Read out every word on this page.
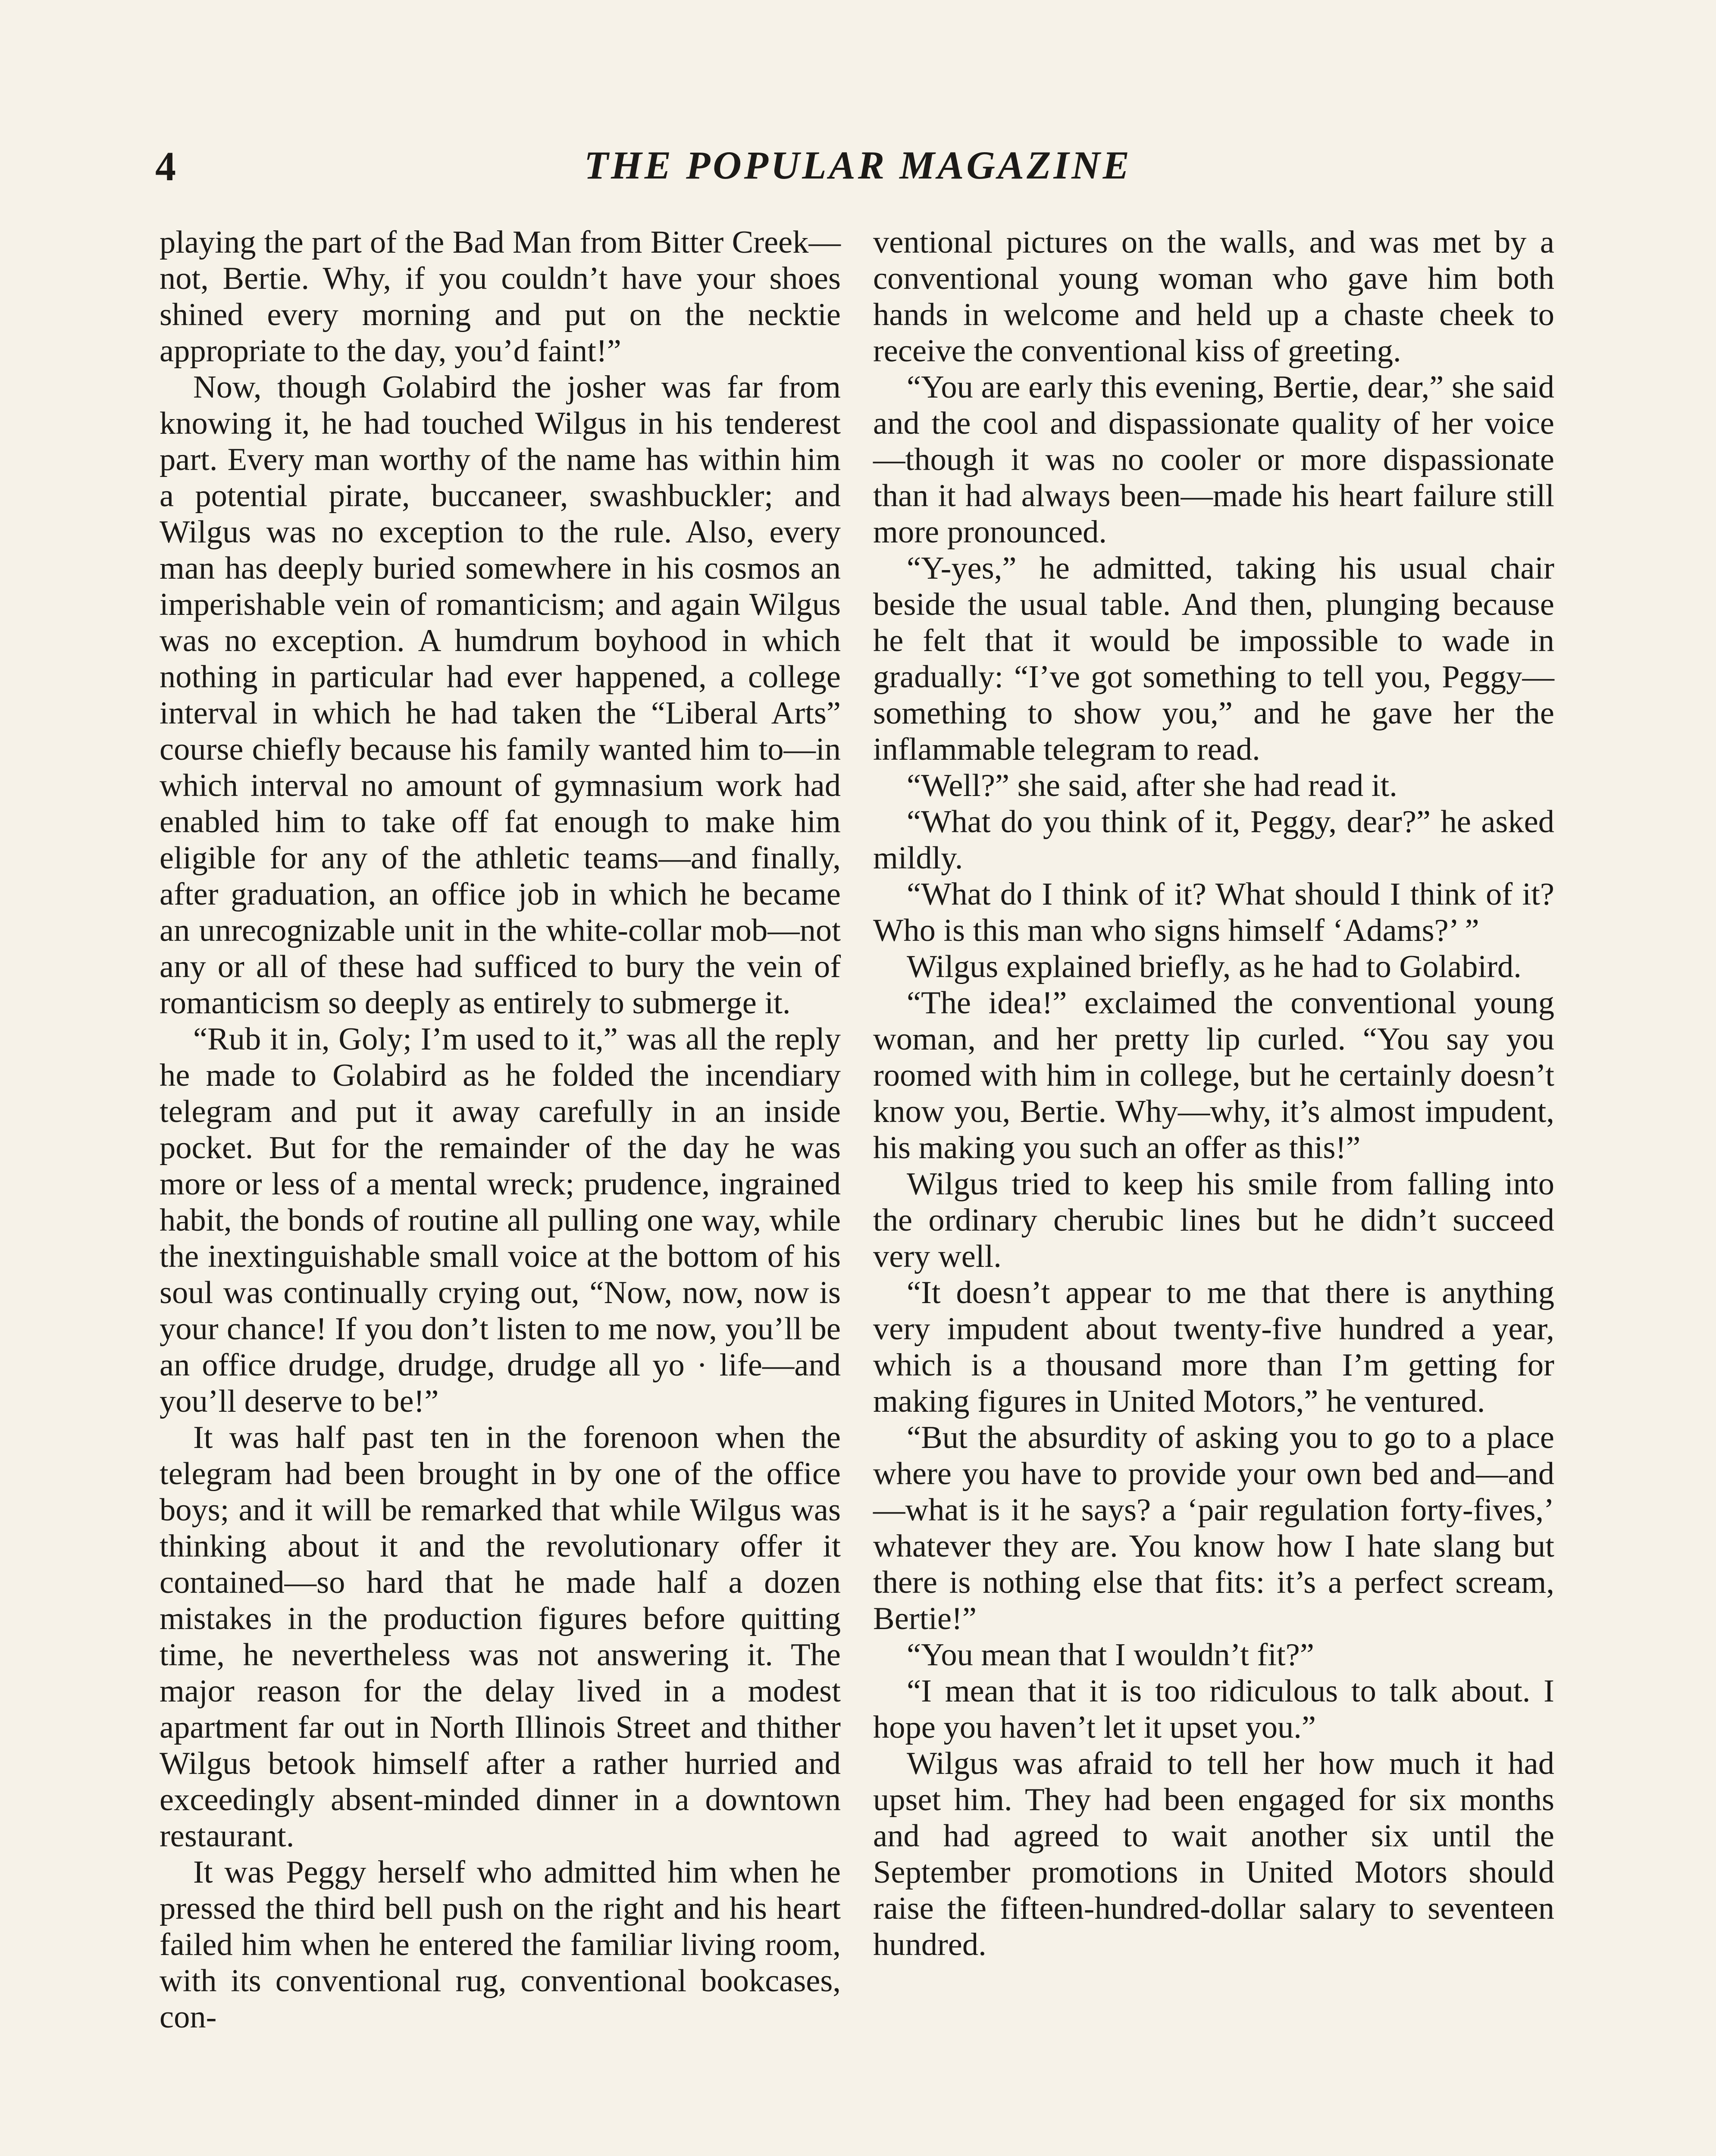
4	THE POPULAR MAGAZINE

playing the part of the Bad Man from Bitter Creek—not, Bertie. Why, if you couldn’t have your shoes shined every morning and put on the necktie appropriate to the day, you’d faint!”

Now, though Golabird the josher was far from knowing it, he had touched Wilgus in his tenderest part. Every man worthy of the name has within him a potential pirate, buccaneer, swashbuckler; and Wilgus was no exception to the rule. Also, every man has deeply buried somewhere in his cosmos an imperishable vein of romanticism; and again Wilgus was no exception. A humdrum boyhood in which nothing in particular had ever happened, a college interval in which he had taken the “Liberal Arts” course chiefly because his family wanted him to—in which interval no amount of gymnasium work had enabled him to take off fat enough to make him eligible for any of the athletic teams—and finally, after graduation, an office job in which he became an unrecognizable unit in the white-collar mob—not any or all of these had sufficed to bury the vein of romanticism so deeply as entirely to submerge it.

“Rub it in, Goly; I’m used to it,” was all the reply he made to Golabird as he folded the incendiary telegram and put it away carefully in an inside pocket. But for the remainder of the day he was more or less of a mental wreck; prudence, ingrained habit, the bonds of routine all pulling one way, while the inextinguishable small voice at the bottom of his soul was continually crying out, “Now, now, now is your chance! If you don’t listen to me now, you’ll be an office drudge, drudge, drudge all yo · life—and you’ll deserve to be!”

It was half past ten in the forenoon when the telegram had been brought in by one of the office boys; and it will be remarked that while Wilgus was thinking about it and the revolutionary offer it contained—so hard that he made half a dozen mistakes in the production figures before quitting time, he nevertheless was not answering it. The major reason for the delay lived in a modest apartment far out in North Illinois Street and thither Wilgus betook himself after a rather hurried and exceedingly absent-minded dinner in a downtown restaurant.

It was Peggy herself who admitted him when he pressed the third bell push on the right and his heart failed him when he entered the familiar living room, with its conventional rug, conventional bookcases, con-

ventional pictures on the walls, and was met by a conventional young woman who gave him both hands in welcome and held up a chaste cheek to receive the conventional kiss of greeting.

“You are early this evening, Bertie, dear,” she said and the cool and dispassionate quality of her voice—though it was no cooler or more dispassionate than it had always been—made his heart failure still more pronounced.

“Y-yes,” he admitted, taking his usual chair beside the usual table. And then, plunging because he felt that it would be impossible to wade in gradually: “I’ve got something to tell you, Peggy—something to show you,” and he gave her the inflammable telegram to read.

“Well?” she said, after she had read it.

“What do you think of it, Peggy, dear?” he asked mildly.

“What do I think of it? What should I think of it? Who is this man who signs himself ‘Adams?’ ”

Wilgus explained briefly, as he had to Golabird.

“The idea!” exclaimed the conventional young woman, and her pretty lip curled. “You say you roomed with him in college, but he certainly doesn’t know you, Bertie. Why—why, it’s almost impudent, his making you such an offer as this!”

Wilgus tried to keep his smile from falling into the ordinary cherubic lines but he didn’t succeed very well.

“It doesn’t appear to me that there is anything very impudent about twenty-five hundred a year, which is a thousand more than I’m getting for making figures in United Motors,” he ventured.

“But the absurdity of asking you to go to a place where you have to provide your own bed and—and—what is it he says? a ‘pair regulation forty-fives,’ whatever they are. You know how I hate slang but there is nothing else that fits: it’s a perfect scream, Bertie!”

“You mean that I wouldn’t fit?”

“I mean that it is too ridiculous to talk about. I hope you haven’t let it upset you.”

Wilgus was afraid to tell her how much it had upset him. They had been engaged for six months and had agreed to wait another six until the September promotions in United Motors should raise the fifteen-hundred-dollar salary to seventeen hundred.
